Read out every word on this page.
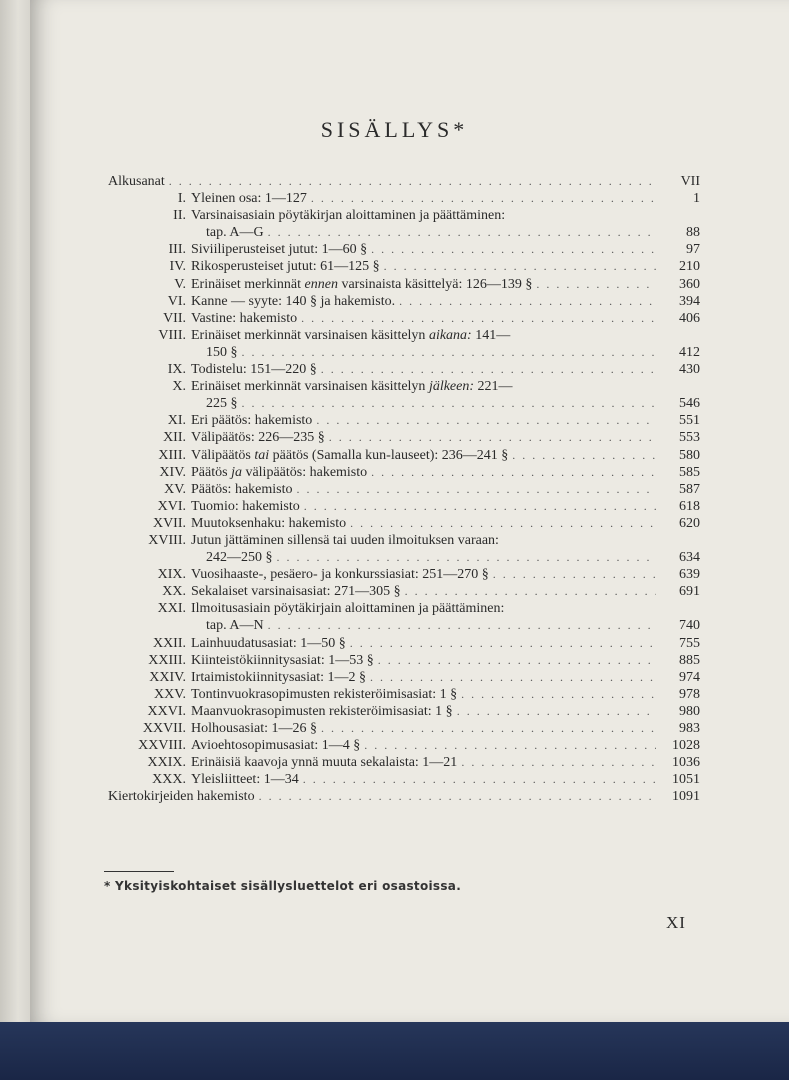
SISÄLLYS*
Alkusanat . . .	VII
I. Yleinen osa: 1—127 . . .	1
II. Varsinaisasiain pöytäkirjan aloittaminen ja päättäminen:
tap. A—G . . .	88
III. Siviiliperusteiset jutut: 1—60 § . . .	97
IV. Rikosperusteiset jutut: 61—125 § . . .	210
V. Erinäiset merkinnät ennen varsinaista käsittelyä: 126—139 § . . .	360
VI. Kanne — syyte: 140 § ja hakemisto. . . .	394
VII. Vastine: hakemisto . . .	406
VIII. Erinäiset merkinnät varsinaisen käsittelyn aikana: 141—
150 § . . .	412
IX. Todistelu: 151—220 § . . .	430
X. Erinäiset merkinnät varsinaisen käsittelyn jälkeen: 221—
225 § . . .	546
XI. Eri päätös: hakemisto . . .	551
XII. Välipäätös: 226—235 § . . .	553
XIII. Välipäätös tai päätös (Samalla kun-lauseet): 236—241 § . . .	580
XIV. Päätös ja välipäätös: hakemisto . . .	585
XV. Päätös: hakemisto . . .	587
XVI. Tuomio: hakemisto . . .	618
XVII. Muutoksenhaku: hakemisto . . .	620
XVIII. Jutun jättäminen sillensä tai uuden ilmoituksen varaan:
242—250 § . . .	634
XIX. Vuosihaaste-, pesäero- ja konkurssiasiat: 251—270 § . . .	639
XX. Sekalaiset varsinaisasiat: 271—305 § . . .	691
XXI. Ilmoitusasiain pöytäkirjain aloittaminen ja päättäminen:
tap. A—N . . .	740
XXII. Lainhuudatusasiat: 1—50 § . . .	755
XXIII. Kiinteistökiinnitysasiat: 1—53 § . . .	885
XXIV. Irtaimistokiinnitysasiat: 1—2 § . . .	974
XXV. Tontinvuokrasopimusten rekisteröimisasiat: 1 § . . .	978
XXVI. Maanvuokrasopimusten rekisteröimisasiat: 1 § . . .	980
XXVII. Holhousasiat: 1—26 § . . .	983
XXVIII. Avioehtosopimusasiat: 1—4 § . . .	1028
XXIX. Erinäisiä kaavoja ynnä muuta sekalaista: 1—21 . . .	1036
XXX. Yleisliitteet: 1—34 . . .	1051
Kiertokirjeiden hakemisto . . .	1091
* Yksityiskohtaiset sisällysluettelot eri osastoissa.
XI
